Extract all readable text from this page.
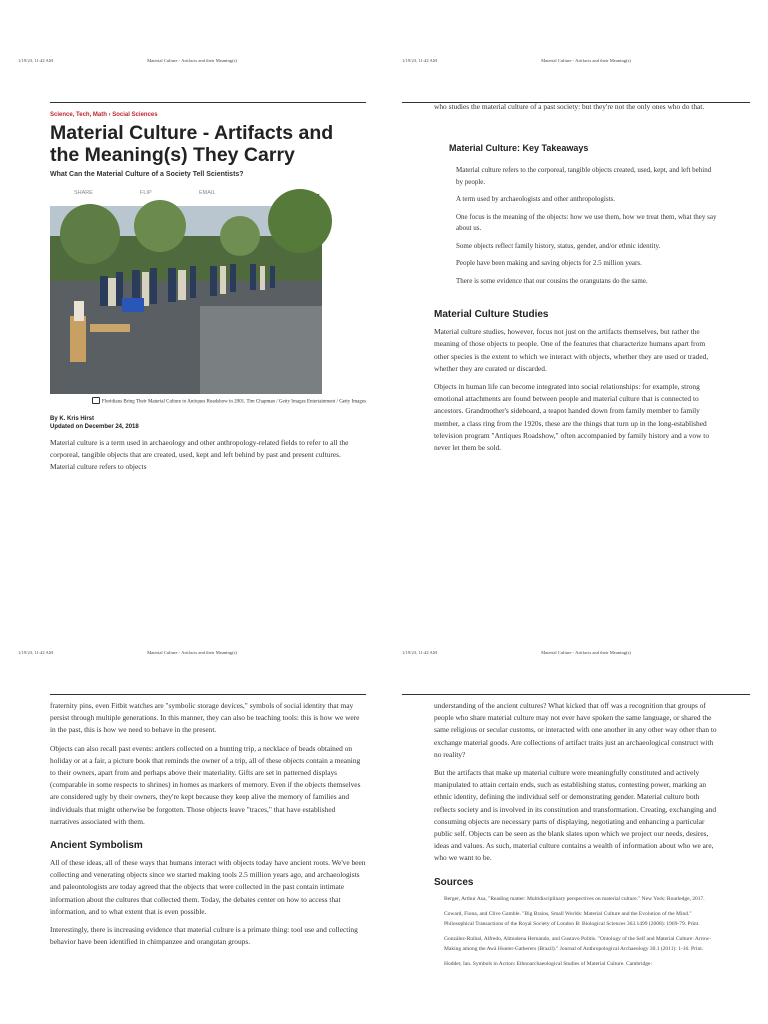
1/19/23, 11:42 AM	Material Culture - Artifacts and their Meaning(s)
Science, Tech, Math › Social Sciences
Material Culture - Artifacts and the Meaning(s) They Carry
What Can the Material Culture of a Society Tell Scientists?
SHARE	FLIP	EMAIL
Floridians Bring Their Material Culture to Antiques Roadshow in 2001. Tim Chapman / Getty Images Entertainment / Getty Images
By K. Kris Hirst
Updated on December 24, 2018

Material culture is a term used in archaeology and other anthropology-related fields to refer to all the corporeal, tangible objects that are created, used, kept and left behind by past and present cultures. Material culture refers to objects

1/19/23, 11:42 AM	Material Culture - Artifacts and their Meaning(s)

who studies the material culture of a past society: but they're not the only ones who do that.

Material Culture: Key Takeaways
Material culture refers to the corporeal, tangible objects created, used, kept, and left behind by people.
A term used by archaeologists and other anthropologists.
One focus is the meaning of the objects: how we use them, how we treat them, what they say about us.
Some objects reflect family history, status, gender, and/or ethnic identity.
People have been making and saving objects for 2.5 million years.
There is some evidence that our cousins the orangutans do the same.
Material Culture Studies

Material culture studies, however, focus not just on the artifacts themselves, but rather the meaning of those objects to people. One of the features that characterize humans apart from other species is the extent to which we interact with objects, whether they are used or traded, whether they are curated or discarded.

Objects in human life can become integrated into social relationships: for example, strong emotional attachments are found between people and material culture that is connected to ancestors. Grandmother's sideboard, a teapot handed down from family member to family member, a class ring from the 1920s, these are the things that turn up in the long-established television program "Antiques Roadshow," often accompanied by family history and a vow to never let them be sold.

1/19/23, 11:42 AM	Material Culture - Artifacts and their Meaning(s)

fraternity pins, even Fitbit watches are "symbolic storage devices," symbols of social identity that may persist through multiple generations. In this manner, they can also be teaching tools: this is how we were in the past, this is how we need to behave in the present.

Objects can also recall past events: antlers collected on a hunting trip, a necklace of beads obtained on holiday or at a fair, a picture book that reminds the owner of a trip, all of these objects contain a meaning to their owners, apart from and perhaps above their materiality. Gifts are set in patterned displays (comparable in some respects to shrines) in homes as markers of memory. Even if the objects themselves are considered ugly by their owners, they're kept because they keep alive the memory of families and individuals that might otherwise be forgotten. Those objects leave "traces," that have established narratives associated with them.

Ancient Symbolism

All of these ideas, all of these ways that humans interact with objects today have ancient roots. We've been collecting and venerating objects since we started making tools 2.5 million years ago, and archaeologists and paleontologists are today agreed that the objects that were collected in the past contain intimate information about the cultures that collected them. Today, the debates center on how to access that information, and to what extent that is even possible.

Interestingly, there is increasing evidence that material culture is a primate thing: tool use and collecting behavior have been identified in chimpanzee and orangutan groups.

1/19/23, 11:42 AM	Material Culture - Artifacts and their Meaning(s)

understanding of the ancient cultures? What kicked that off was a recognition that groups of people who share material culture may not ever have spoken the same language, or shared the same religious or secular customs, or interacted with one another in any other way other than to exchange material goods. Are collections of artifact traits just an archaeological construct with no reality?

But the artifacts that make up material culture were meaningfully constituted and actively manipulated to attain certain ends, such as establishing status, contesting power, marking an ethnic identity, defining the individual self or demonstrating gender. Material culture both reflects society and is involved in its constitution and transformation. Creating, exchanging and consuming objects are necessary parts of displaying, negotiating and enhancing a particular public self. Objects can be seen as the blank slates upon which we project our needs, desires, ideas and values. As such, material culture contains a wealth of information about who we are, who we want to be.

Sources
Berger, Arthur Asa, "Reading matter: Multidisciplinary perspectives on material culture." New York: Routledge, 2017.
Coward, Fiona, and Clive Gamble. "Big Brains, Small Worlds: Material Culture and the Evolution of the Mind." Philosophical Transactions of the Royal Society of London B: Biological Sciences 363.1499 (2008): 1969-79. Print.
González-Ruibal, Alfredo, Almudena Hernando, and Gustavo Politis. "Ontology of the Self and Material Culture: Arrow-Making among the Awá Hunter-Gatherers (Brazil)." Journal of Anthropological Archaeology 30.1 (2011): 1-16. Print.
Hodder, Ian. Symbols in Action: Ethnoarchaeological Studies of Material Culture. Cambridge:
